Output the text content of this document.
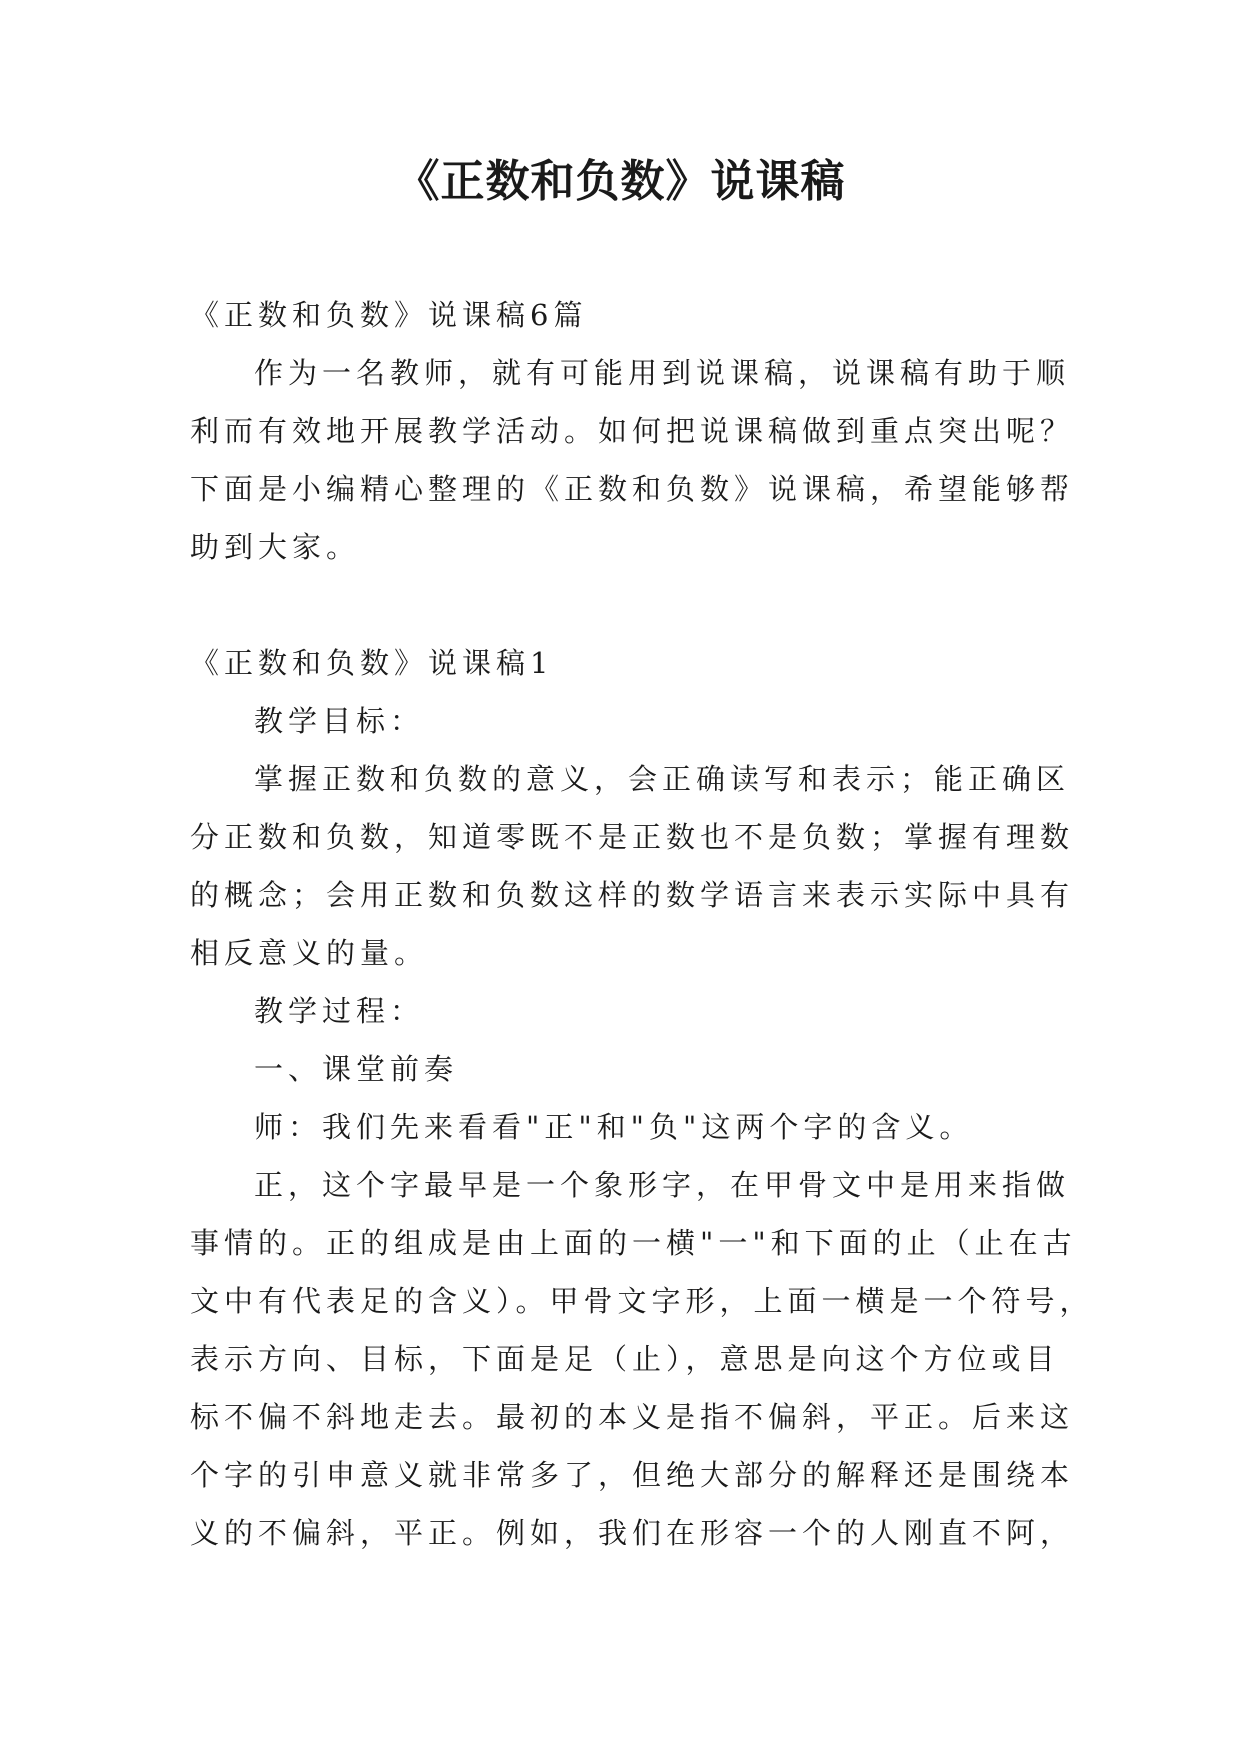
《正数和负数》说课稿
《正数和负数》说课稿6篇
作为一名教师，就有可能用到说课稿，说课稿有助于顺
利而有效地开展教学活动。如何把说课稿做到重点突出呢？
下面是小编精心整理的《正数和负数》说课稿，希望能够帮
助到大家。
《正数和负数》说课稿1
教学目标：
掌握正数和负数的意义，会正确读写和表示；能正确区
分正数和负数，知道零既不是正数也不是负数；掌握有理数
的概念；会用正数和负数这样的数学语言来表示实际中具有
相反意义的量。
教学过程：
一、课堂前奏
师：我们先来看看"正"和"负"这两个字的含义。
正，这个字最早是一个象形字，在甲骨文中是用来指做
事情的。正的组成是由上面的一横"一"和下面的止（止在古
文中有代表足的含义）。甲骨文字形，上面一横是一个符号，
表示方向、目标，下面是足（止），意思是向这个方位或目
标不偏不斜地走去。最初的本义是指不偏斜，平正。后来这
个字的引申意义就非常多了，但绝大部分的解释还是围绕本
义的不偏斜，平正。例如，我们在形容一个的人刚直不阿，
